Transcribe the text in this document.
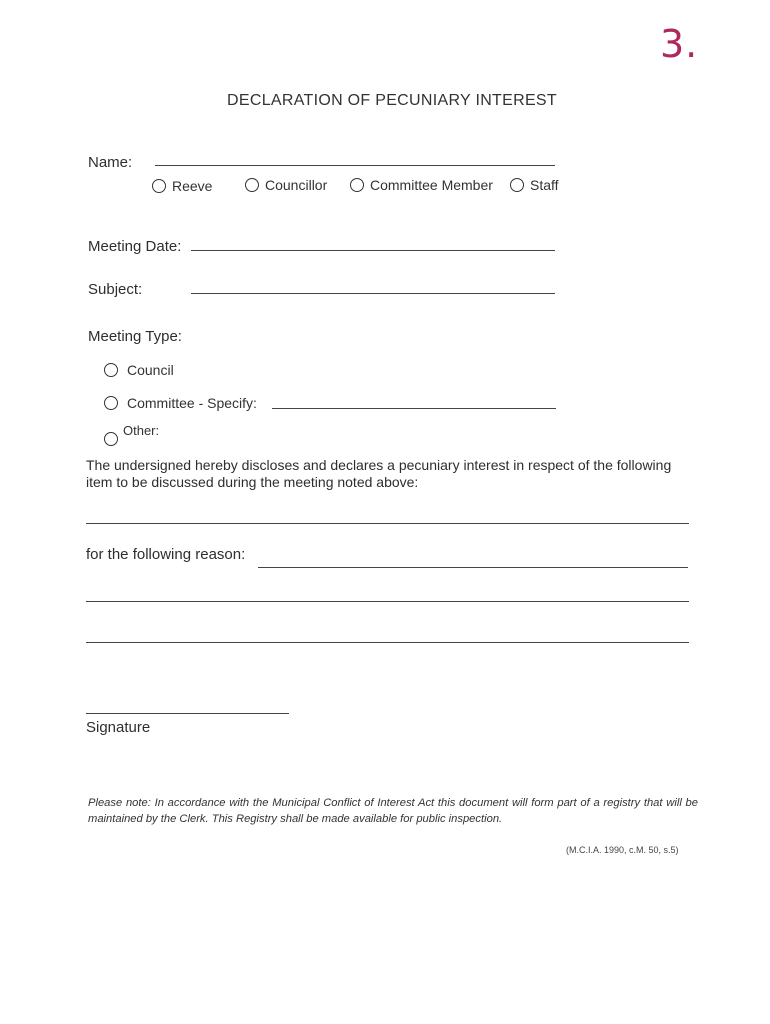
3.
DECLARATION OF PECUNIARY INTEREST
Name:
Reeve	Councillor	Committee Member	Staff
Meeting Date:
Subject:
Meeting Type:
Council
Committee - Specify:
Other:
The undersigned hereby discloses and declares a pecuniary interest in respect of the following item to be discussed during the meeting noted above:
for the following reason:
Signature
Please note: In accordance with the Municipal Conflict of Interest Act this document will form part of a registry that will be maintained by the Clerk. This Registry shall be made available for public inspection.
(M.C.I.A. 1990, c.M. 50, s.5)
